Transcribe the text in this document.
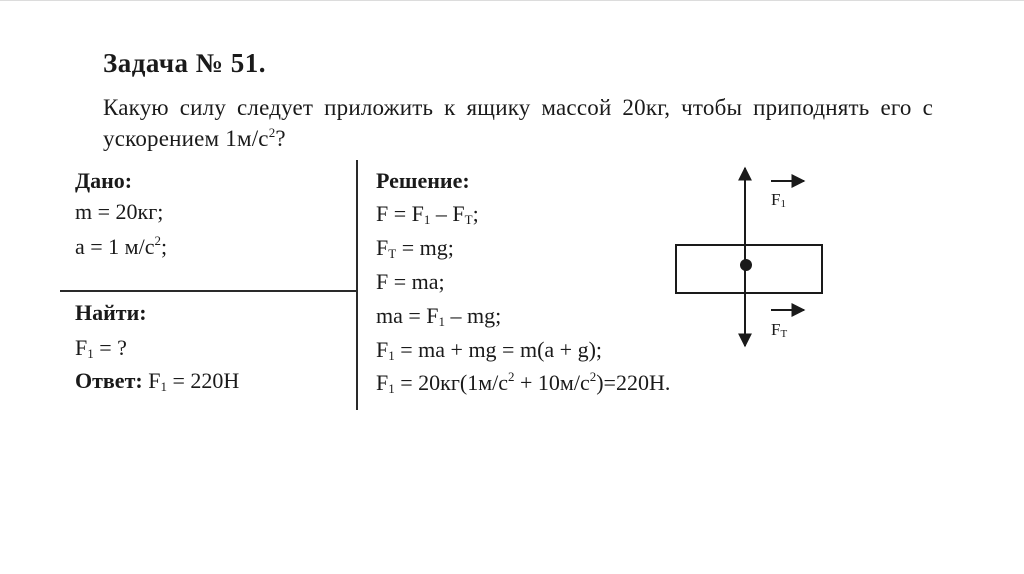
Задача № 51.
Какую силу следует приложить к ящику массой 20кг, чтобы приподнять его с ускорением $1м/с^2$?
Дано:
m = 20кг;
a = 1 $м/с^2$;
Найти:
$F_1$ = ?
Ответ: $F_1 = 220Н$
Решение:
$F = F_1 - F_Т$;
$F_Т$ = mg;
F = ma;
ma = $F_1$ – mg;
$F_1$ = ma + mg = m(a + g);
$F_1 = 20кг(1м/с^2 + 10м/с^2)=220Н$.
$F_1$
$F_Т$
